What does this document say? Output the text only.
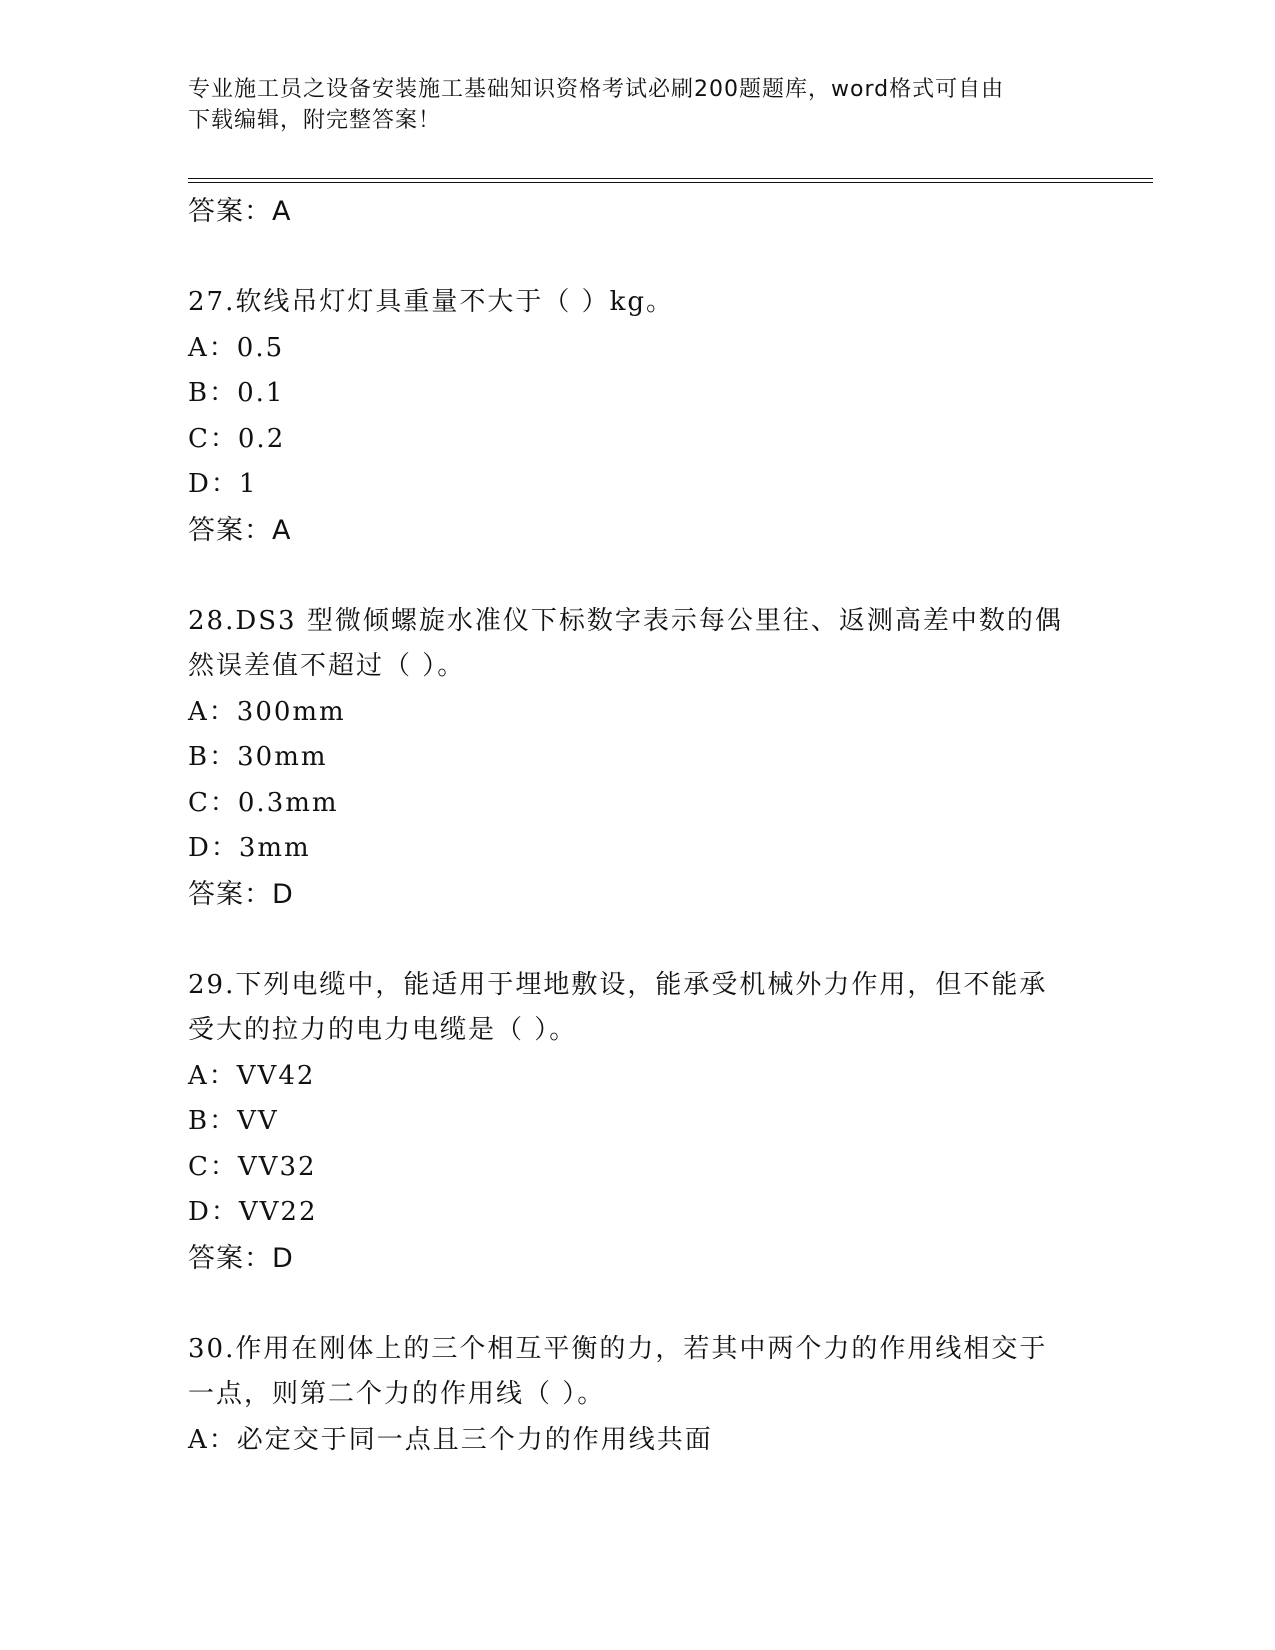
专业施工员之设备安装施工基础知识资格考试必刷200题题库，word格式可自由
下载编辑，附完整答案！
答案：A
27.软线吊灯灯具重量不大于（ ）kg。
A：0.5
B：0.1
C：0.2
D：1
答案：A
28.DS3 型微倾螺旋水准仪下标数字表示每公里往、返测高差中数的偶
然误差值不超过（ ）。
A：300mm
B：30mm
C：0.3mm
D：3mm
答案：D
29.下列电缆中，能适用于埋地敷设，能承受机械外力作用，但不能承
受大的拉力的电力电缆是（ ）。
A：VV42
B：VV
C：VV32
D：VV22
答案：D
30.作用在刚体上的三个相互平衡的力，若其中两个力的作用线相交于
一点，则第二个力的作用线（ ）。
A：必定交于同一点且三个力的作用线共面
